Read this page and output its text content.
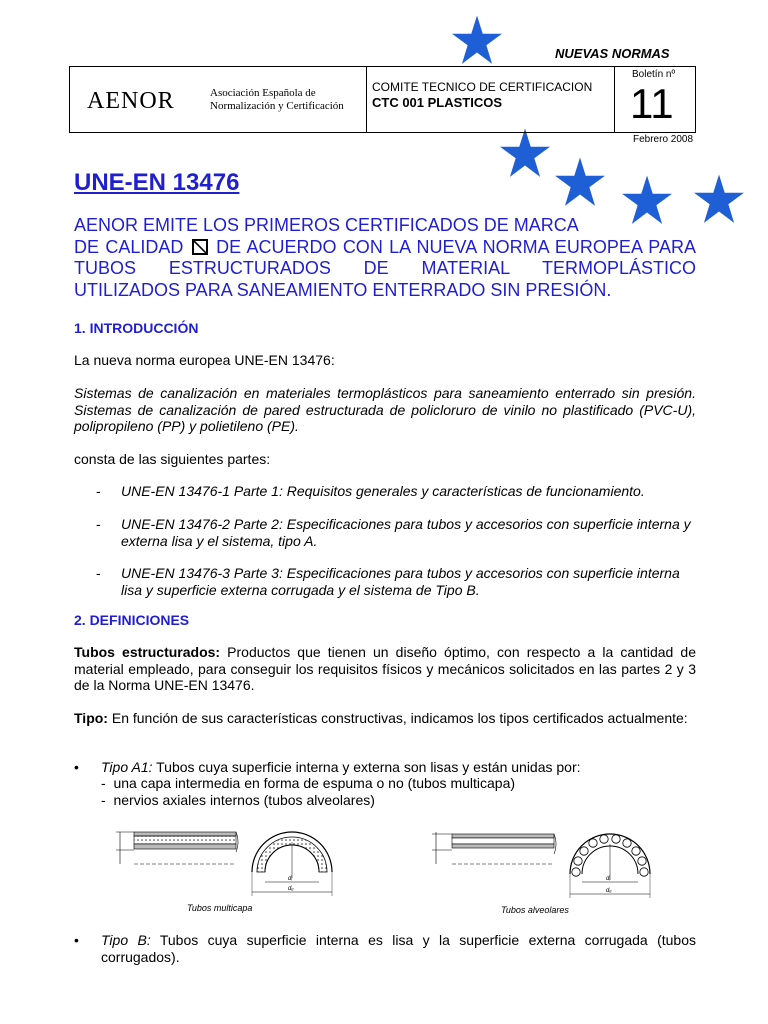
NUEVAS NORMAS
AENOR	Asociación Española de
Normalización y Certificación
COMITE TECNICO DE CERTIFICACION
CTC 001 PLASTICOS
Boletín nº
11
Febrero 2008
UNE-EN 13476
AENOR EMITE LOS PRIMEROS CERTIFICADOS DE MARCA
DE CALIDAD DE ACUERDO CON LA NUEVA NORMA EUROPEA PARA
TUBOS ESTRUCTURADOS DE MATERIAL TERMOPLÁSTICO
UTILIZADOS PARA SANEAMIENTO ENTERRADO SIN PRESIÓN.
1. INTRODUCCIÓN
La nueva norma europea UNE-EN 13476:
Sistemas de canalización en materiales termoplásticos para saneamiento enterrado sin presión. Sistemas de canalización de pared estructurada de policloruro de vinilo no plastificado (PVC-U), polipropileno (PP) y polietileno (PE).
consta de las siguientes partes:
-	UNE-EN 13476-1 Parte 1: Requisitos generales y características de funcionamiento.
-	UNE-EN 13476-2 Parte 2: Especificaciones para tubos y accesorios con superficie interna y externa lisa y el sistema, tipo A.
-	UNE-EN 13476-3 Parte 3: Especificaciones para tubos y accesorios con superficie interna lisa y superficie externa corrugada y el sistema de Tipo B.
2. DEFINICIONES
Tubos estructurados: Productos que tienen un diseño óptimo, con respecto a la cantidad de material empleado, para conseguir los requisitos físicos y mecánicos solicitados en las partes 2 y 3 de la Norma UNE-EN 13476.
Tipo: En función de sus características constructivas, indicamos los tipos certificados actualmente:
•	Tipo A1: Tubos cuya superficie interna y externa son lisas y están unidas por:
- una capa intermedia en forma de espuma o no (tubos multicapa)
- nervios axiales internos (tubos alveolares)
dᵢ
dₑ
Tubos multicapa
dᵢ
dₑ
Tubos alveolares
•	Tipo B: Tubos cuya superficie interna es lisa y la superficie externa corrugada (tubos corrugados).
